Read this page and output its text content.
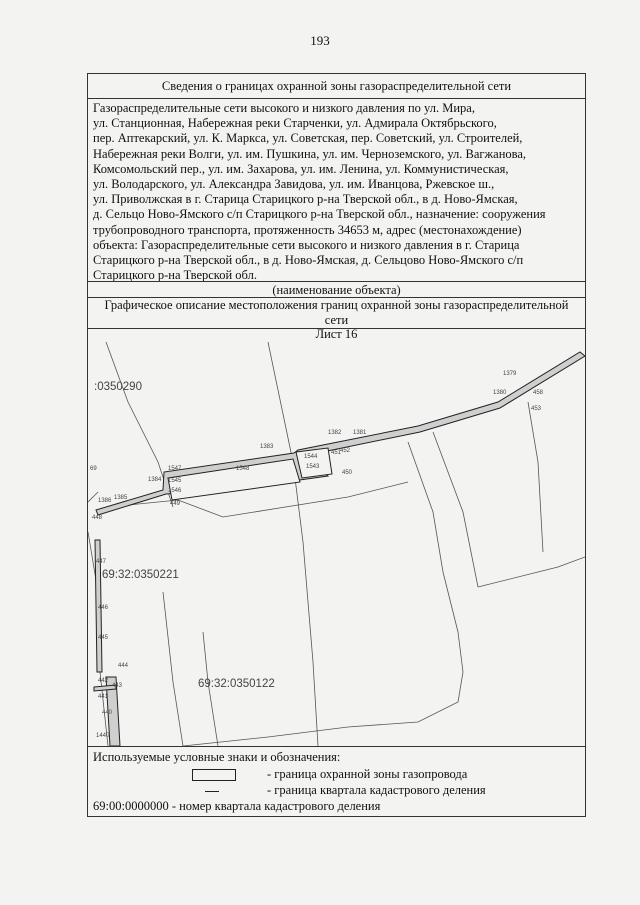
193
Сведения о границах охранной зоны газораспределительной сети
Газораспределительные сети высокого и низкого давления по ул. Мира,
ул. Станционная, Набережная реки Старченки, ул. Адмирала Октябрьского,
пер. Аптекарский, ул. К. Маркса, ул. Советская, пер. Советский, ул. Строителей,
Набережная реки Волги, ул. им. Пушкина, ул. им. Черноземского, ул. Вагжанова,
Комсомольский пер., ул. им. Захарова, ул. им. Ленина, ул. Коммунистическая,
ул. Володарского, ул. Александра Завидова, ул. им. Иванцова, Ржевское ш.,
ул. Приволжская в г. Старица Старицкого р-на Тверской обл., в д. Ново-Ямская,
д. Сельцо Ново-Ямского с/п Старицкого р-на Тверской обл., назначение: сооружения
трубопроводного транспорта, протяженность 34653 м, адрес (местонахождение)
объекта: Газораспределительные сети высокого и низкого давления в г. Старица
Старицкого р-на Тверской обл., в д. Ново-Ямская, д. Сельцово Ново-Ямского с/п
Старицкого р-на Тверской обл.
(наименование объекта)
Графическое описание местоположения границ охранной зоны газораспределительной сети
Лист 16
:0350290
69:32:0350221
69:32:0350122
1379
1380	458
453
1382 1381
452
451
1383
1544
1543
450
1548
1547
1384 1545
1546
69
1385
1386	449
448
447
446
445
444
443
442
441
440
1440
Используемые условные знаки и обозначения:
- граница охранной зоны газопровода
- граница квартала кадастрового деления
69:00:0000000 - номер квартала кадастрового деления
